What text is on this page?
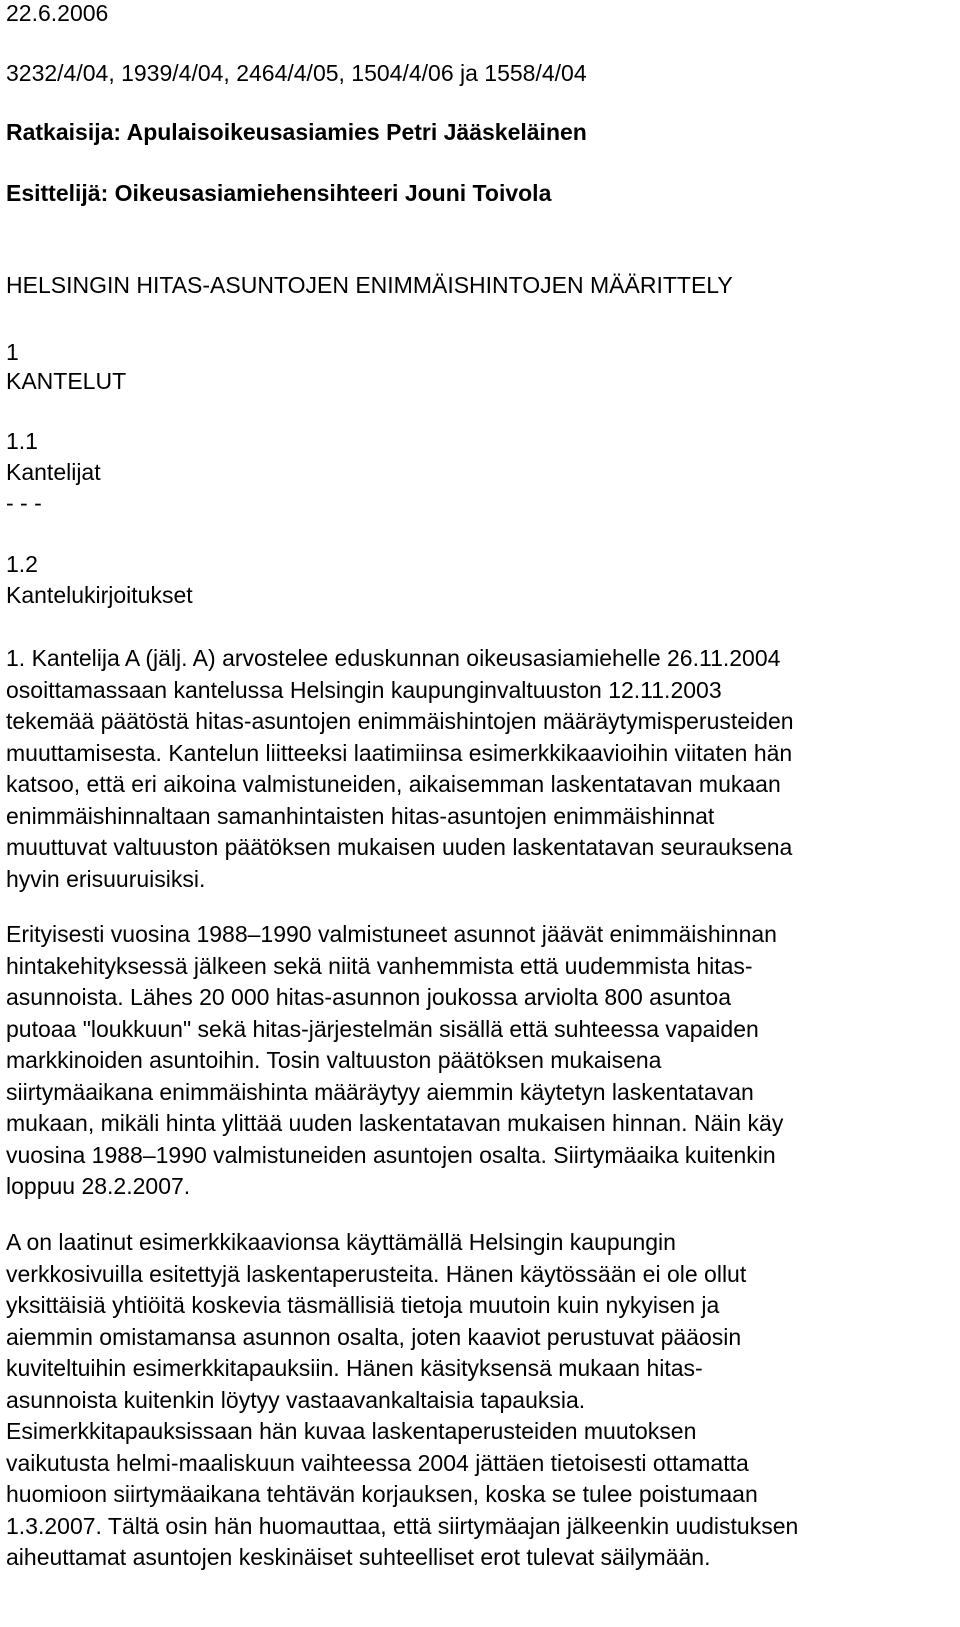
22.6.2006
3232/4/04, 1939/4/04, 2464/4/05, 1504/4/06 ja 1558/4/04
Ratkaisija: Apulaisoikeusasiamies Petri Jääskeläinen
Esittelijä: Oikeusasiamiehensihteeri Jouni Toivola
HELSINGIN HITAS-ASUNTOJEN ENIMMÄISHINTOJEN MÄÄRITTELY
1
KANTELUT
1.1
Kantelijat
- - -
1.2
Kantelukirjoitukset
1. Kantelija A (jälj. A) arvostelee eduskunnan oikeusasiamiehelle 26.11.2004
osoittamassaan kantelussa Helsingin kaupunginvaltuuston 12.11.2003
tekemää päätöstä hitas-asuntojen enimmäishintojen määräytymisperusteiden
muuttamisesta. Kantelun liitteeksi laatimiinsa esimerkkikaavioihin viitaten hän
katsoo, että eri aikoina valmistuneiden, aikaisemman laskentatavan mukaan
enimmäishinnaltaan samanhintaisten hitas-asuntojen enimmäishinnat
muuttuvat valtuuston päätöksen mukaisen uuden laskentatavan seurauksena
hyvin erisuuruisiksi.
Erityisesti vuosina 1988–1990 valmistuneet asunnot jäävät enimmäishinnan
hintakehityksessä jälkeen sekä niitä vanhemmista että uudemmista hitas-
asunnoista. Lähes 20 000 hitas-asunnon joukossa arviolta 800 asuntoa
putoaa "loukkuun" sekä hitas-järjestelmän sisällä että suhteessa vapaiden
markkinoiden asuntoihin. Tosin valtuuston päätöksen mukaisena
siirtymäaikana enimmäishinta määräytyy aiemmin käytetyn laskentatavan
mukaan, mikäli hinta ylittää uuden laskentatavan mukaisen hinnan. Näin käy
vuosina 1988–1990 valmistuneiden asuntojen osalta. Siirtymäaika kuitenkin
loppuu 28.2.2007.
A on laatinut esimerkkikaavionsa käyttämällä Helsingin kaupungin
verkkosivuilla esitettyjä laskentaperusteita. Hänen käytössään ei ole ollut
yksittäisiä yhtiöitä koskevia täsmällisiä tietoja muutoin kuin nykyisen ja
aiemmin omistamansa asunnon osalta, joten kaaviot perustuvat pääosin
kuviteltuihin esimerkkitapauksiin. Hänen käsityksensä mukaan hitas-
asunnoista kuitenkin löytyy vastaavankaltaisia tapauksia.
Esimerkkitapauksissaan hän kuvaa laskentaperusteiden muutoksen
vaikutusta helmi-maaliskuun vaihteessa 2004 jättäen tietoisesti ottamatta
huomioon siirtymäaikana tehtävän korjauksen, koska se tulee poistumaan
1.3.2007. Tältä osin hän huomauttaa, että siirtymäajan jälkeenkin uudistuksen
aiheuttamat asuntojen keskinäiset suhteelliset erot tulevat säilymään.
